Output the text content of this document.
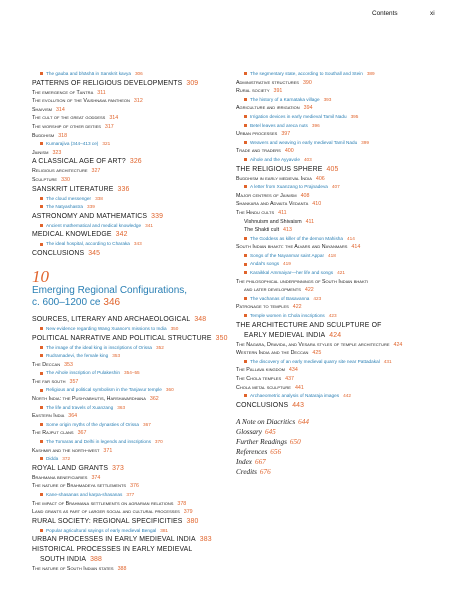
Contents	xi
The gauba and bhāshā in Sanskrit kavya 306
PATTERNS OF RELIGIOUS DEVELOPMENTS 309
The emergence of Tantra 311
The evolution of the Vaishnava pantheon 312
Shaivism 314
The cult of the great goddess 314
The worship of other deities 317
Buddhism 318
Kumarajiva (344–413 ce) 321
Jainism 323
A CLASSICAL AGE OF ART? 326
Religious architecture 327
Sculpture 330
SANSKRIT LITERATURE 336
The cloud messenger 338
The Natyashastra 339
ASTRONOMY AND MATHEMATICS 339
Ancient mathematical and medical knowledge 341
MEDICAL KNOWLEDGE 342
The ideal hospital, according to Charaka 343
CONCLUSIONS 345
10
Emerging Regional Configurations,
c. 600–1200 ce 346
SOURCES, LITERARY AND ARCHAEOLOGICAL 348
New evidence regarding Wang Xuance's missions to India 350
POLITICAL NARRATIVE AND POLITICAL STRUCTURE 350
The image of the ideal king in inscriptions of Orissa 352
Rudramadevi, the female king 353
The Deccan 353
The Aihole inscription of Pulakeshin 354–55
The far south 357
Religious and political symbolism in the Tanjavur temple 360
North India: the Pushyabhutis, Harshavardhana 362
The life and travels of Xuanzang 363
Eastern India 364
Some origin myths of the dynasties of Orissa 367
The Rajput clans 367
The Tomaras and Delhi in legends and inscriptions 370
Kashmir and the north-west 371
Didda 372
ROYAL LAND GRANTS 373
Brahmana beneficiaries 374
The nature of Brahmadeya settlements 376
Kane-shasanas and karpa-shasanas 377
The impact of Brahmana settlements on agrarian relations 378
Land grants as part of larger social and cultural processes 379
RURAL SOCIETY: REGIONAL SPECIFICITIES 380
Popular agricultural sayings of early medieval Bengal 381
URBAN PROCESSES IN EARLY MEDIEVAL INDIA 383
HISTORICAL PROCESSES IN EARLY MEDIEVAL
SOUTH INDIA 388
The nature of South Indian states 388
The segmentary state, according to Southall and Stein 389
Administrative structures 390
Rural society 391
The history of a Karnataka village 393
Agriculture and irrigation 394
Irrigation devices in early medieval Tamil Nadu 395
Betel leaves and areca nuts 396
Urban processes 397
Weavers and weaving in early medieval Tamil Nadu 399
Trade and traders 400
Aihole and the Ayyavole 403
THE RELIGIOUS SPHERE 405
Buddhism in early medieval India 406
A letter from Xuanzang to Prajnadeva 407
Major centres of Jainism 408
Shankara and Advaita Vedanta 410
The Hindu cults 411
Vishnuism and Shivaism 411
The Shakti cult 413
The Goddess as killer of the demon Mahisha 414
South Indian bhakti: the Alvars and Nayanmars 414
Songs of the Nayanmar saint Appar 418
Andal's songs 419
Karaikkal Ammaiyar—her life and songs 421
The philosophical underpinnings of South Indian bhakti
and later developments 422
The vachanas of Basavanna 423
Patronage to temples 422
Temple women in Chola inscriptions 423
THE ARCHITECTURE AND SCULPTURE OF
EARLY MEDIEVAL INDIA 424
The Nagara, Dravida, and Vesara styles of temple architecture 424
Western India and the Deccan 425
The discovery of an early medieval quarry site near Pattadakal 431
The Pallava kingdom 434
The Chola temples 437
Chola metal sculpture 441
Archaeometric analysis of Nataraja images 442
CONCLUSIONS 443
A Note on Diacritics 644
Glossary 645
Further Readings 650
References 656
Index 667
Credits 676
